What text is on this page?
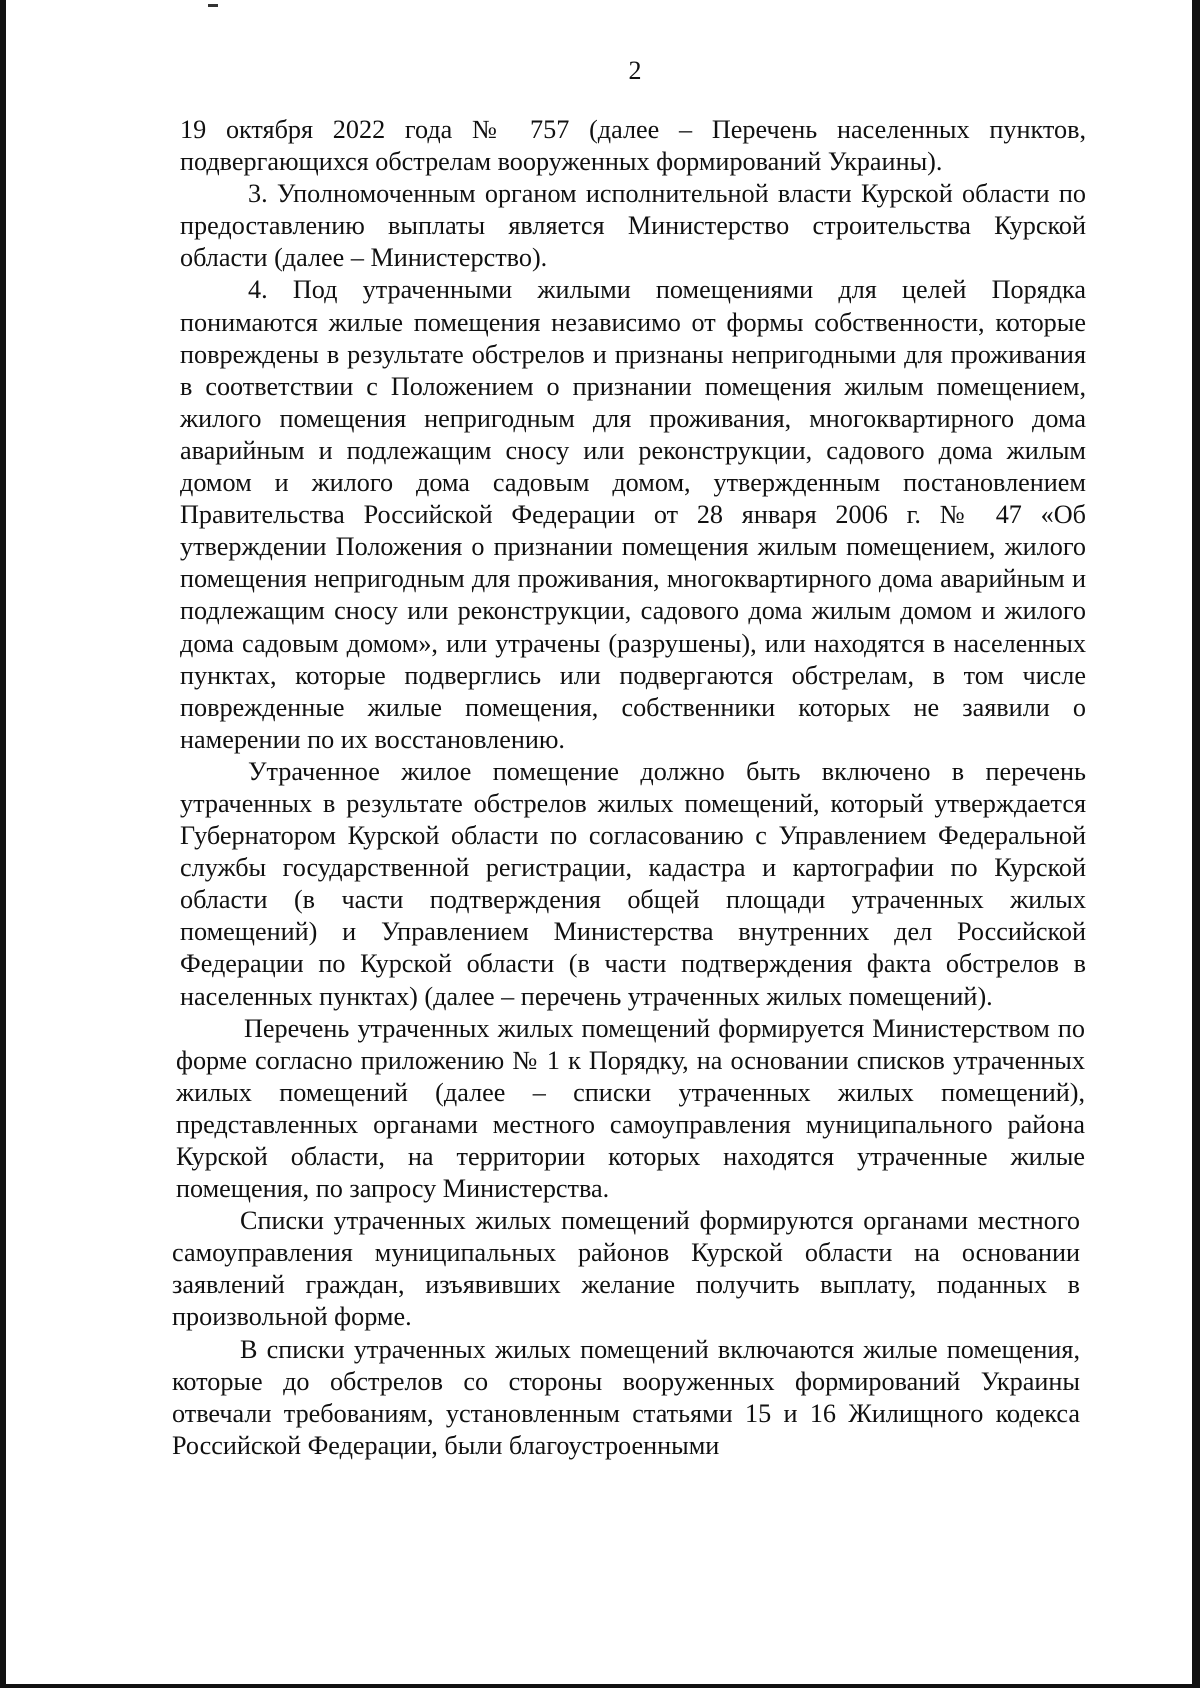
2

19 октября 2022 года № 757 (далее – Перечень населенных пунктов, подвергающихся обстрелам вооруженных формирований Украины).

3. Уполномоченным органом исполнительной власти Курской области по предоставлению выплаты является Министерство строительства Курской области (далее – Министерство).

4. Под утраченными жилыми помещениями для целей Порядка понимаются жилые помещения независимо от формы собственности, которые повреждены в результате обстрелов и признаны непригодными для проживания в соответствии с Положением о признании помещения жилым помещением, жилого помещения непригодным для проживания, многоквартирного дома аварийным и подлежащим сносу или реконструкции, садового дома жилым домом и жилого дома садовым домом, утвержденным постановлением Правительства Российской Федерации от 28 января 2006 г. № 47 «Об утверждении Положения о признании помещения жилым помещением, жилого помещения непригодным для проживания, многоквартирного дома аварийным и подлежащим сносу или реконструкции, садового дома жилым домом и жилого дома садовым домом», или утрачены (разрушены), или находятся в населенных пунктах, которые подверглись или подвергаются обстрелам, в том числе поврежденные жилые помещения, собственники которых не заявили о намерении по их восстановлению.

Утраченное жилое помещение должно быть включено в перечень утраченных в результате обстрелов жилых помещений, который утверждается Губернатором Курской области по согласованию с Управлением Федеральной службы государственной регистрации, кадастра и картографии по Курской области (в части подтверждения общей площади утраченных жилых помещений) и Управлением Министерства внутренних дел Российской Федерации по Курской области (в части подтверждения факта обстрелов в населенных пунктах) (далее – перечень утраченных жилых помещений).

Перечень утраченных жилых помещений формируется Министерством по форме согласно приложению № 1 к Порядку, на основании списков утраченных жилых помещений (далее – списки утраченных жилых помещений), представленных органами местного самоуправления муниципального района Курской области, на территории которых находятся утраченные жилые помещения, по запросу Министерства.

Списки утраченных жилых помещений формируются органами местного самоуправления муниципальных районов Курской области на основании заявлений граждан, изъявивших желание получить выплату, поданных в произвольной форме.

В списки утраченных жилых помещений включаются жилые помещения, которые до обстрелов со стороны вооруженных формирований Украины отвечали требованиям, установленным статьями 15 и 16 Жилищного кодекса Российской Федерации, были благоустроенными
